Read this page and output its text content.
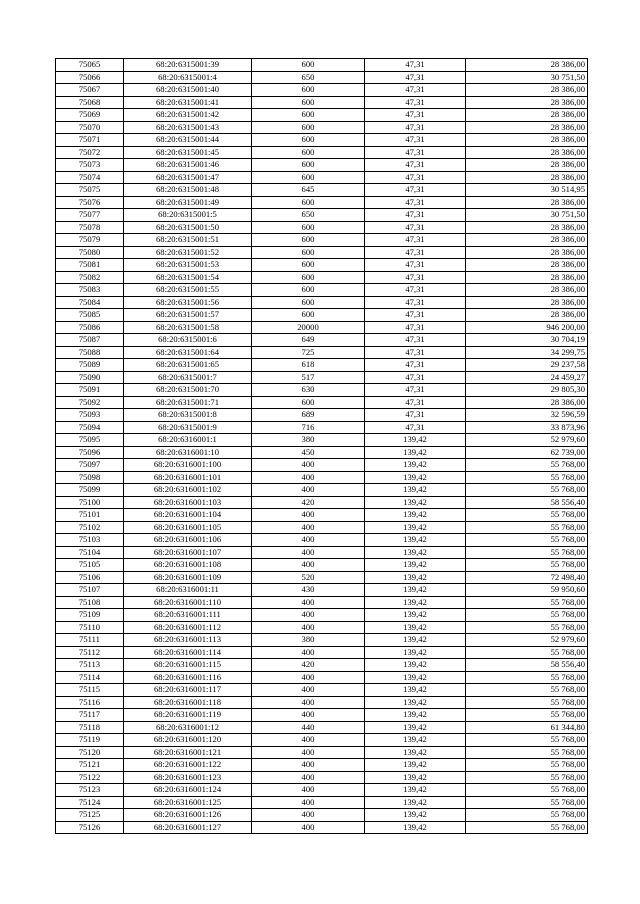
75065	68:20:6315001:39	600	47,31	28 386,00
75066	68:20:6315001:4	650	47,31	30 751,50
75067	68:20:6315001:40	600	47,31	28 386,00
75068	68:20:6315001:41	600	47,31	28 386,00
75069	68:20:6315001:42	600	47,31	28 386,00
75070	68:20:6315001:43	600	47,31	28 386,00
75071	68:20:6315001:44	600	47,31	28 386,00
75072	68:20:6315001:45	600	47,31	28 386,00
75073	68:20:6315001:46	600	47,31	28 386,00
75074	68:20:6315001:47	600	47,31	28 386,00
75075	68:20:6315001:48	645	47,31	30 514,95
75076	68:20:6315001:49	600	47,31	28 386,00
75077	68:20:6315001:5	650	47,31	30 751,50
75078	68:20:6315001:50	600	47,31	28 386,00
75079	68:20:6315001:51	600	47,31	28 386,00
75080	68:20:6315001:52	600	47,31	28 386,00
75081	68:20:6315001:53	600	47,31	28 386,00
75082	68:20:6315001:54	600	47,31	28 386,00
75083	68:20:6315001:55	600	47,31	28 386,00
75084	68:20:6315001:56	600	47,31	28 386,00
75085	68:20:6315001:57	600	47,31	28 386,00
75086	68:20:6315001:58	20000	47,31	946 200,00
75087	68:20:6315001:6	649	47,31	30 704,19
75088	68:20:6315001:64	725	47,31	34 299,75
75089	68:20:6315001:65	618	47,31	29 237,58
75090	68:20:6315001:7	517	47,31	24 459,27
75091	68:20:6315001:70	630	47,31	29 805,30
75092	68:20:6315001:71	600	47,31	28 386,00
75093	68:20:6315001:8	689	47,31	32 596,59
75094	68:20:6315001:9	716	47,31	33 873,96
75095	68:20:6316001:1	380	139,42	52 979,60
75096	68:20:6316001:10	450	139,42	62 739,00
75097	68:20:6316001:100	400	139,42	55 768,00
75098	68:20:6316001:101	400	139,42	55 768,00
75099	68:20:6316001:102	400	139,42	55 768,00
75100	68:20:6316001:103	420	139,42	58 556,40
75101	68:20:6316001:104	400	139,42	55 768,00
75102	68:20:6316001:105	400	139,42	55 768,00
75103	68:20:6316001:106	400	139,42	55 768,00
75104	68:20:6316001:107	400	139,42	55 768,00
75105	68:20:6316001:108	400	139,42	55 768,00
75106	68:20:6316001:109	520	139,42	72 498,40
75107	68:20:6316001:11	430	139,42	59 950,60
75108	68:20:6316001:110	400	139,42	55 768,00
75109	68:20:6316001:111	400	139,42	55 768,00
75110	68:20:6316001:112	400	139,42	55 768,00
75111	68:20:6316001:113	380	139,42	52 979,60
75112	68:20:6316001:114	400	139,42	55 768,00
75113	68:20:6316001:115	420	139,42	58 556,40
75114	68:20:6316001:116	400	139,42	55 768,00
75115	68:20:6316001:117	400	139,42	55 768,00
75116	68:20:6316001:118	400	139,42	55 768,00
75117	68:20:6316001:119	400	139,42	55 768,00
75118	68:20:6316001:12	440	139,42	61 344,80
75119	68:20:6316001:120	400	139,42	55 768,00
75120	68:20:6316001:121	400	139,42	55 768,00
75121	68:20:6316001:122	400	139,42	55 768,00
75122	68:20:6316001:123	400	139,42	55 768,00
75123	68:20:6316001:124	400	139,42	55 768,00
75124	68:20:6316001:125	400	139,42	55 768,00
75125	68:20:6316001:126	400	139,42	55 768,00
75126	68:20:6316001:127	400	139,42	55 768,00
